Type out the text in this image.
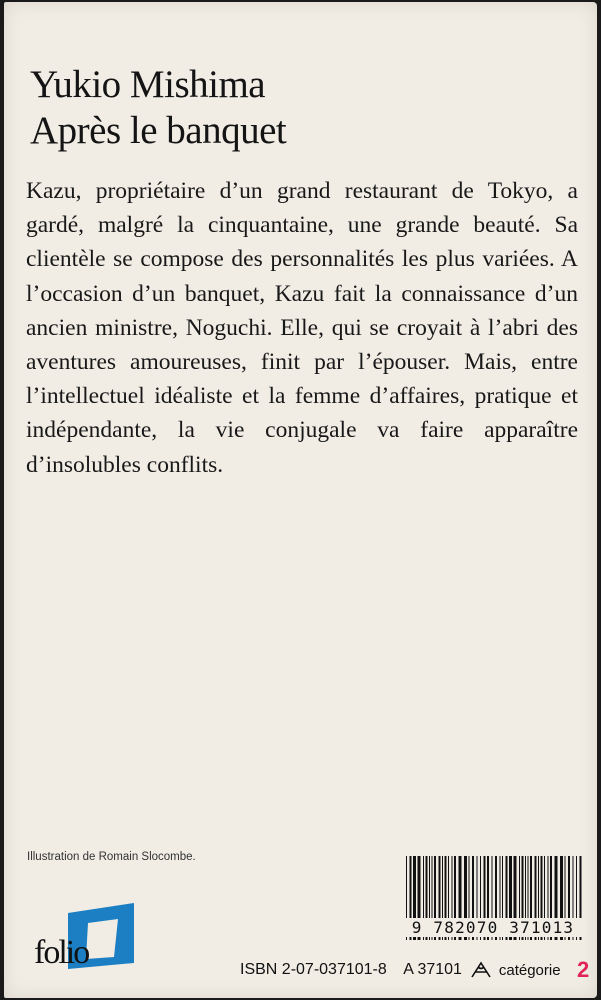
Yukio Mishima
Après le banquet
Kazu, propriétaire d’un grand restaurant de Tokyo, a gardé, malgré la cinquantaine, une grande beauté. Sa clientèle se compose des personnalités les plus variées. A l’occasion d’un banquet, Kazu fait la connaissance d’un ancien ministre, Noguchi. Elle, qui se croyait à l’abri des aventures amoureuses, finit par l’épouser. Mais, entre l’intellectuel idéaliste et la femme d’affaires, pratique et indépendante, la vie conjugale va faire apparaître d’insolubles conflits.
Illustration de Romain Slocombe.
folio
9 782070 371013
ISBN 2-07-037101-8 A 37101 catégorie 2
